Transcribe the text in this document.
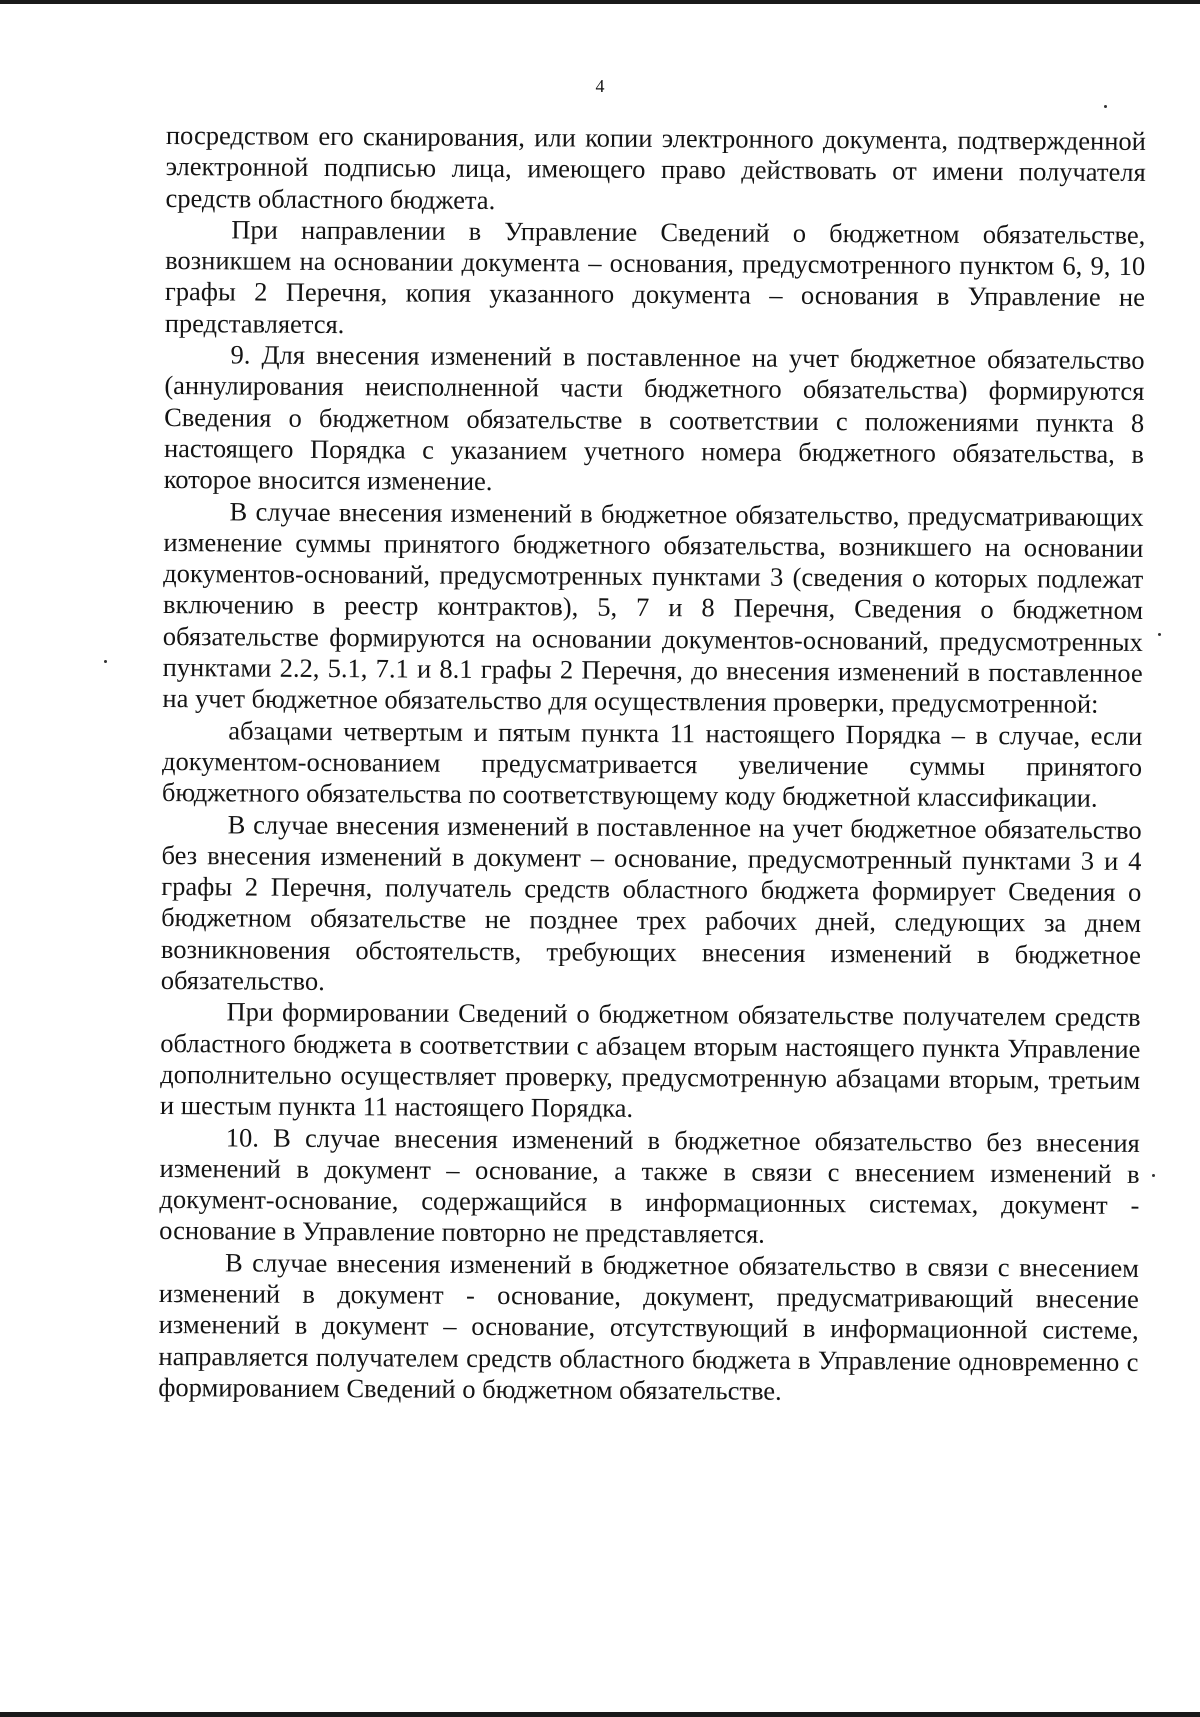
4

посредством его сканирования, или копии электронного документа, подтвержденной электронной подписью лица, имеющего право действовать от имени получателя средств областного бюджета.

При направлении в Управление Сведений о бюджетном обязательстве, возникшем на основании документа – основания, предусмотренного пунктом 6, 9, 10 графы 2 Перечня, копия указанного документа – основания в Управление не представляется.

9. Для внесения изменений в поставленное на учет бюджетное обязательство (аннулирования неисполненной части бюджетного обязательства) формируются Сведения о бюджетном обязательстве в соответствии с положениями пункта 8 настоящего Порядка с указанием учетного номера бюджетного обязательства, в которое вносится изменение.

В случае внесения изменений в бюджетное обязательство, предусматривающих изменение суммы принятого бюджетного обязательства, возникшего на основании документов-оснований, предусмотренных пунктами 3 (сведения о которых подлежат включению в реестр контрактов), 5, 7 и 8 Перечня, Сведения о бюджетном обязательстве формируются на основании документов-оснований, предусмотренных пунктами 2.2, 5.1, 7.1 и 8.1 графы 2 Перечня, до внесения изменений в поставленное на учет бюджетное обязательство для осуществления проверки, предусмотренной:

абзацами четвертым и пятым пункта 11 настоящего Порядка – в случае, если документом-основанием предусматривается увеличение суммы принятого бюджетного обязательства по соответствующему коду бюджетной классификации.

В случае внесения изменений в поставленное на учет бюджетное обязательство без внесения изменений в документ – основание, предусмотренный пунктами 3 и 4 графы 2 Перечня, получатель средств областного бюджета формирует Сведения о бюджетном обязательстве не позднее трех рабочих дней, следующих за днем возникновения обстоятельств, требующих внесения изменений в бюджетное обязательство.

При формировании Сведений о бюджетном обязательстве получателем средств областного бюджета в соответствии с абзацем вторым настоящего пункта Управление дополнительно осуществляет проверку, предусмотренную абзацами вторым, третьим и шестым пункта 11 настоящего Порядка.

10. В случае внесения изменений в бюджетное обязательство без внесения изменений в документ – основание, а также в связи с внесением изменений в документ-основание, содержащийся в информационных системах, документ - основание в Управление повторно не представляется.

В случае внесения изменений в бюджетное обязательство в связи с внесением изменений в документ - основание, документ, предусматривающий внесение изменений в документ – основание, отсутствующий в информационной системе, направляется получателем средств областного бюджета в Управление одновременно с формированием Сведений о бюджетном обязательстве.
